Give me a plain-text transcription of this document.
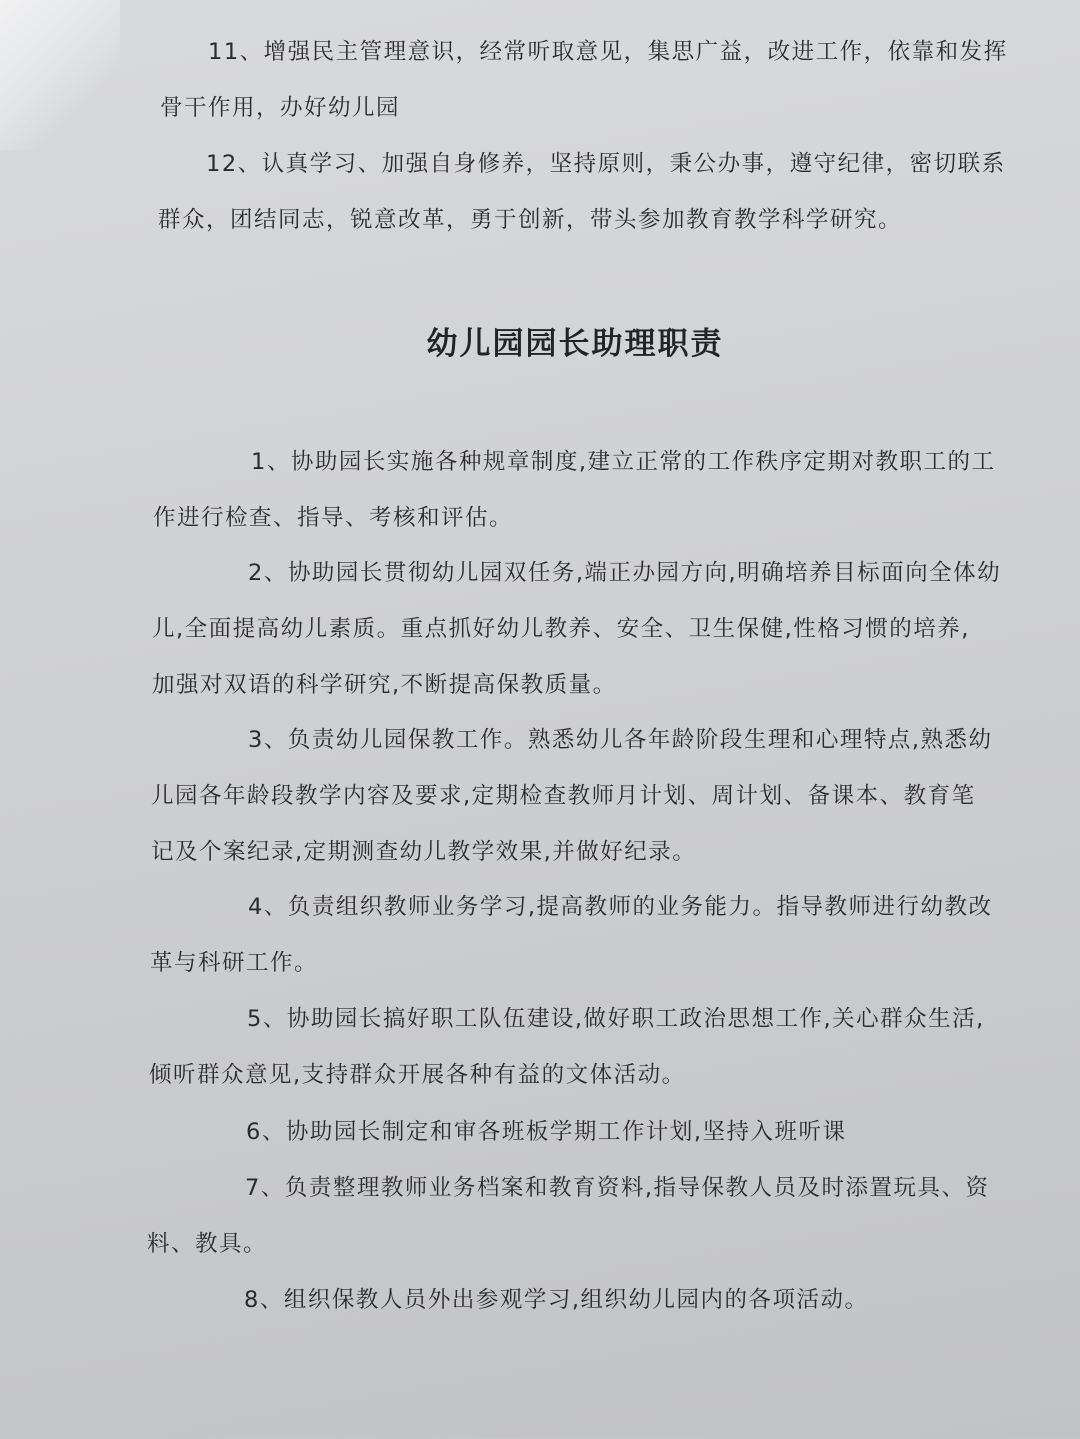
11、增强民主管理意识，经常听取意见，集思广益，改进工作，依靠和发挥
骨干作用，办好幼儿园
12、认真学习、加强自身修养，坚持原则，秉公办事，遵守纪律，密切联系
群众，团结同志，锐意改革，勇于创新，带头参加教育教学科学研究。
幼儿园园长助理职责
1、协助园长实施各种规章制度,建立正常的工作秩序定期对教职工的工
作进行检查、指导、考核和评估。
2、协助园长贯彻幼儿园双任务,端正办园方向,明确培养目标面向全体幼
儿,全面提高幼儿素质。重点抓好幼儿教养、安全、卫生保健,性格习惯的培养,
加强对双语的科学研究,不断提高保教质量。
3、负责幼儿园保教工作。熟悉幼儿各年龄阶段生理和心理特点,熟悉幼
儿园各年龄段教学内容及要求,定期检查教师月计划、周计划、备课本、教育笔
记及个案纪录,定期测查幼儿教学效果,并做好纪录。
4、负责组织教师业务学习,提高教师的业务能力。指导教师进行幼教改
革与科研工作。
5、协助园长搞好职工队伍建设,做好职工政治思想工作,关心群众生活,
倾听群众意见,支持群众开展各种有益的文体活动。
6、协助园长制定和审各班板学期工作计划,坚持入班听课
7、负责整理教师业务档案和教育资料,指导保教人员及时添置玩具、资
料、教具。
8、组织保教人员外出参观学习,组织幼儿园内的各项活动。
